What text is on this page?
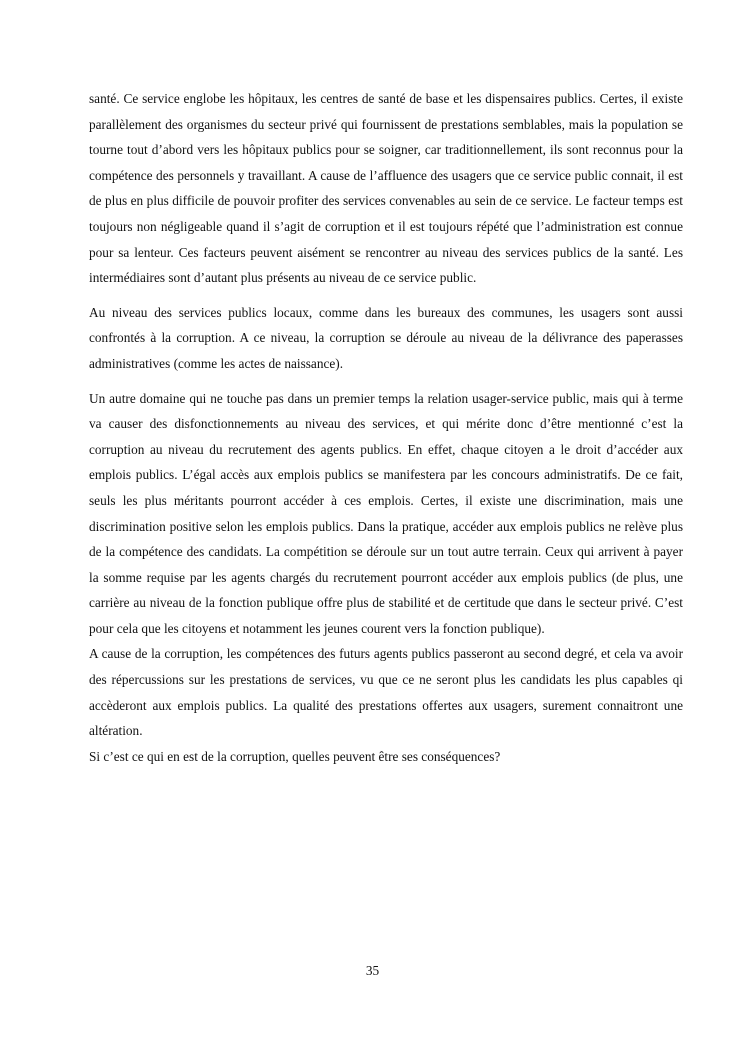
santé. Ce service englobe les hôpitaux, les centres de santé de base et les dispensaires publics. Certes, il existe parallèlement des organismes du secteur privé qui fournissent de prestations semblables, mais la population se tourne tout d’abord vers les hôpitaux publics pour se soigner, car traditionnellement, ils sont reconnus pour la compétence des personnels y travaillant. A cause de l’affluence des usagers que ce service public connait, il est de plus en plus difficile de pouvoir profiter des services convenables au sein de ce service. Le facteur temps est toujours non négligeable quand il s’agit de corruption et il est toujours répété que l’administration est connue pour sa lenteur. Ces facteurs peuvent aisément se rencontrer au niveau des services publics de la santé. Les intermédiaires sont d’autant plus présents au niveau de ce service public.

Au niveau des services publics locaux, comme dans les bureaux des communes, les usagers sont aussi confrontés à la corruption. A ce niveau, la corruption se déroule au niveau de la délivrance des paperasses administratives (comme les actes de naissance).

Un autre domaine qui ne touche pas dans un premier temps la relation usager-service public, mais qui à terme va causer des disfonctionnements au niveau des services, et qui mérite donc d’être mentionné c’est la corruption au niveau du recrutement des agents publics. En effet, chaque citoyen a le droit d’accéder aux emplois publics. L’égal accès aux emplois publics se manifestera par les concours administratifs. De ce fait, seuls les plus méritants pourront accéder à ces emplois. Certes, il existe une discrimination, mais une discrimination positive selon les emplois publics. Dans la pratique, accéder aux emplois publics ne relève plus de la compétence des candidats. La compétition se déroule sur un tout autre terrain. Ceux qui arrivent à payer la somme requise par les agents chargés du recrutement pourront accéder aux emplois publics (de plus, une carrière au niveau de la fonction publique offre plus de stabilité et de certitude que dans le secteur privé. C’est pour cela que les citoyens et notamment les jeunes courent vers la fonction publique).

A cause de la corruption, les compétences des futurs agents publics passeront au second degré, et cela va avoir des répercussions sur les prestations de services, vu que ce ne seront plus les candidats les plus capables qi accèderont aux emplois publics. La qualité des prestations offertes aux usagers, surement connaitront une altération.

Si c’est ce qui en est de la corruption, quelles peuvent être ses conséquences?

35
